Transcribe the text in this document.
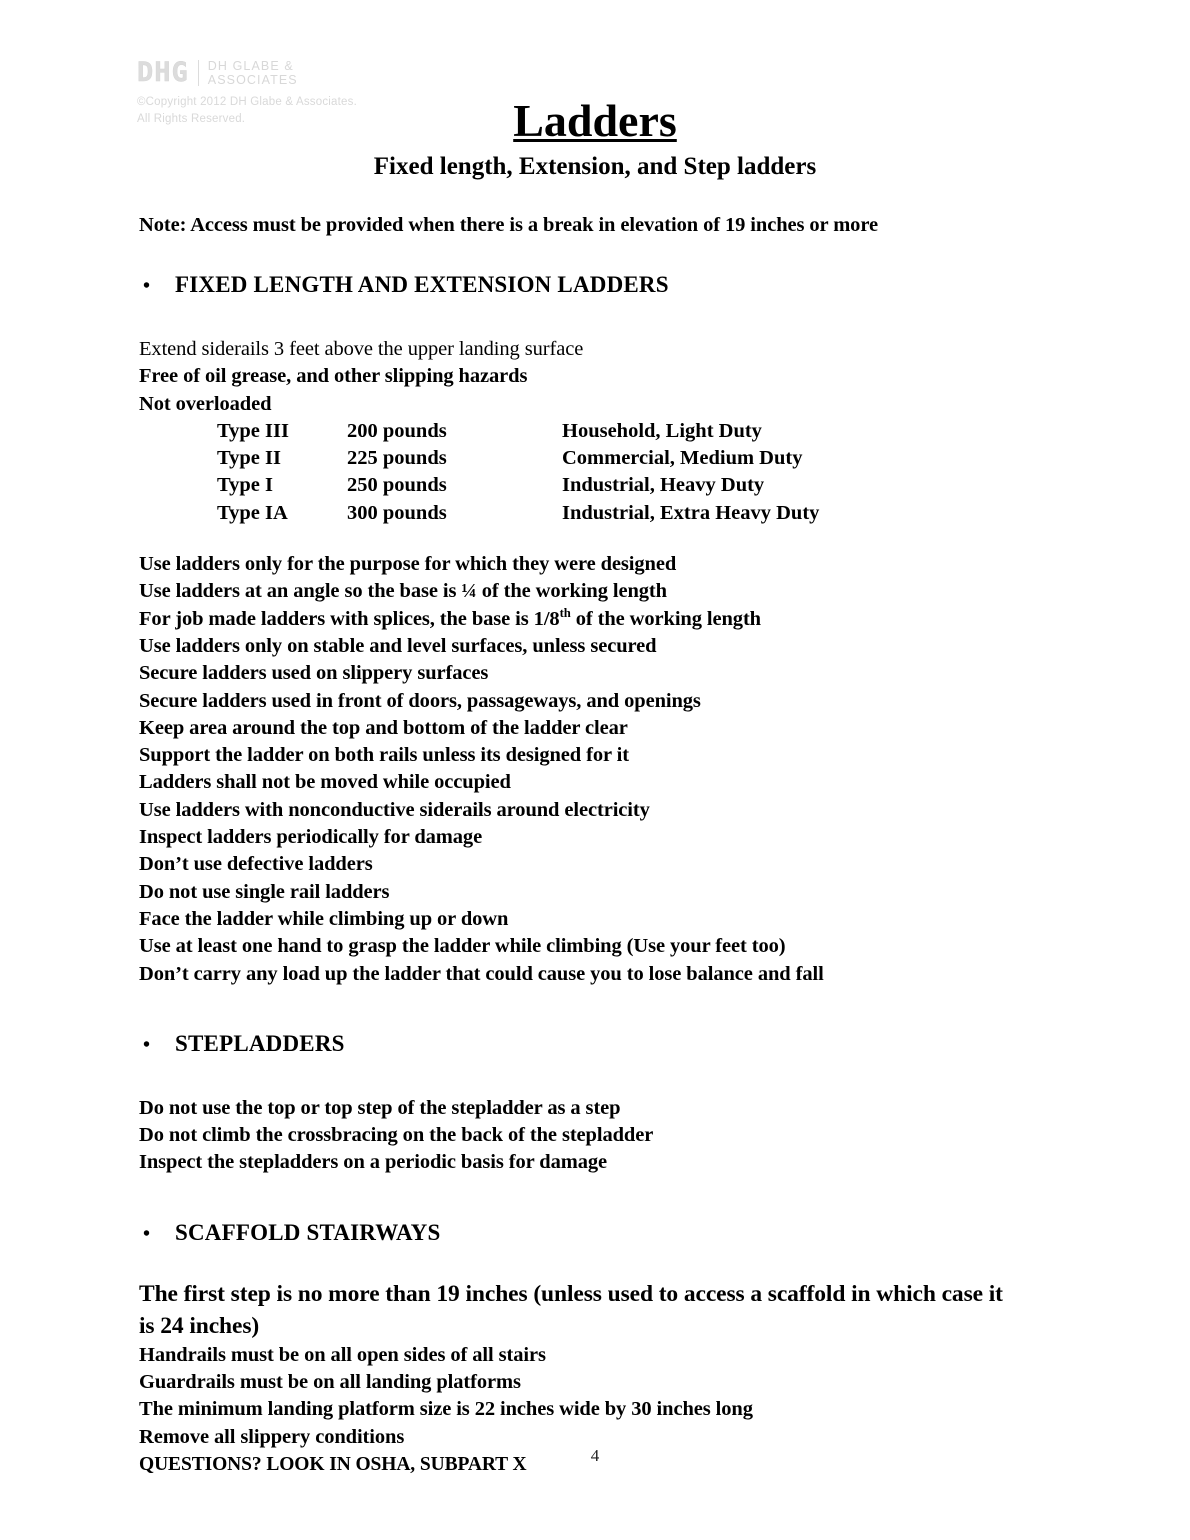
DHG DH GLABE &
ASSOCIATES
©Copyright 2012 DH Glabe & Associates.
All Rights Reserved.	Ladders
Fixed length, Extension, and Step ladders
Note: Access must be provided when there is a break in elevation of 19 inches or more
•
FIXED LENGTH AND EXTENSION LADDERS
Extend siderails 3 feet above the upper landing surface
Free of oil grease, and other slipping hazards
Not overloaded
Type III	200 pounds	Household, Light Duty
Type II	225 pounds	Commercial, Medium Duty
Type I	250 pounds	Industrial, Heavy Duty
Type IA	300 pounds	Industrial, Extra Heavy Duty
Use ladders only for the purpose for which they were designed
Use ladders at an angle so the base is ¼ of the working length
For job made ladders with splices, the base is 1/8th of the working length
Use ladders only on stable and level surfaces, unless secured
Secure ladders used on slippery surfaces
Secure ladders used in front of doors, passageways, and openings
Keep area around the top and bottom of the ladder clear
Support the ladder on both rails unless its designed for it
Ladders shall not be moved while occupied
Use ladders with nonconductive siderails around electricity
Inspect ladders periodically for damage
Don’t use defective ladders
Do not use single rail ladders
Face the ladder while climbing up or down
Use at least one hand to grasp the ladder while climbing (Use your feet too)
Don’t carry any load up the ladder that could cause you to lose balance and fall
•
STEPLADDERS
Do not use the top or top step of the stepladder as a step
Do not climb the crossbracing on the back of the stepladder
Inspect the stepladders on a periodic basis for damage
•
SCAFFOLD STAIRWAYS
The first step is no more than 19 inches (unless used to access a scaffold in which case it is 24 inches)
Handrails must be on all open sides of all stairs
Guardrails must be on all landing platforms
The minimum landing platform size is 22 inches wide by 30 inches long
Remove all slippery conditions
QUESTIONS? LOOK IN OSHA, SUBPART X	4
